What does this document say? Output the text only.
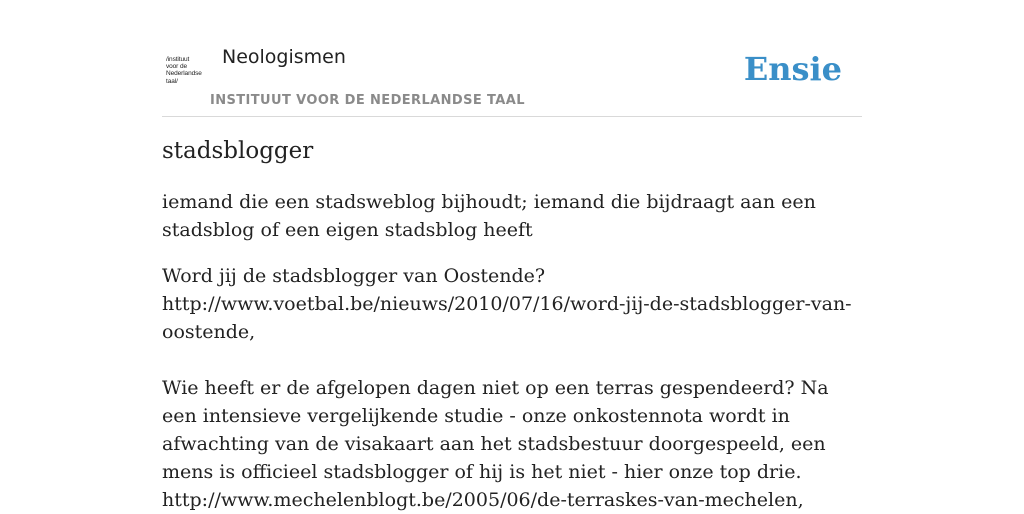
/instituut
voor de
Nederlandse
taal/
Neologismen
INSTITUUT VOOR DE NEDERLANDSE TAAL
Ensie
stadsblogger

iemand die een stadsweblog bijhoudt; iemand die bijdraagt aan een stadsblog of een eigen stadsblog heeft

Word jij de stadsblogger van Oostende?
http://www.voetbal.be/nieuws/2010/07/16/word-jij-de-stadsblogger-van-oostende,

Wie heeft er de afgelopen dagen niet op een terras gespendeerd? Na een intensieve vergelijkende studie - onze onkostennota wordt in afwachting van de visakaart aan het stadsbestuur doorgespeeld, een mens is officieel stadsblogger of hij is het niet - hier onze top drie.
http://www.mechelenblogt.be/2005/06/de-terraskes-van-mechelen,
